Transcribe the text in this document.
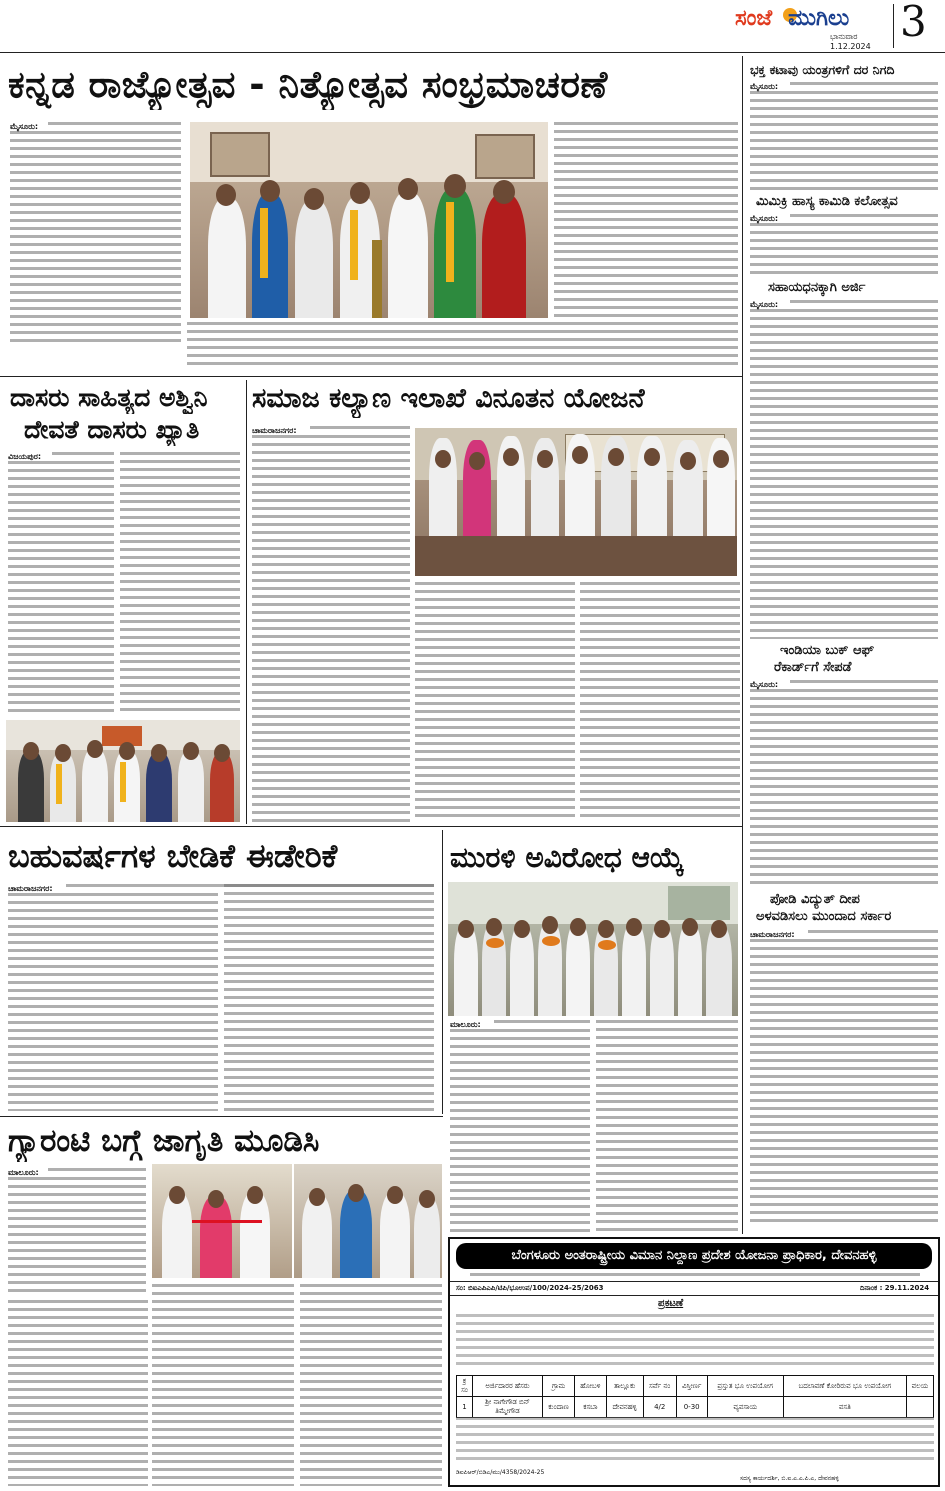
ಸಂಜೆ ಮುಗಿಲು
ಭಾನುವಾರ
1.12.2024
3
ಕನ್ನಡ ರಾಜ್ಯೋತ್ಸವ - ನಿತ್ಯೋತ್ಸವ ಸಂಭ್ರಮಾಚರಣೆ
ಮೈಸೂರು:
ದಾಸರು ಸಾಹಿತ್ಯದ ಅಶ್ವಿನಿ
ದೇವತೆ ದಾಸರು ಖ್ಯಾತಿ
ವಿಜಯಪುರ:
ಸಮಾಜ ಕಲ್ಯಾಣ ಇಲಾಖೆ ವಿನೂತನ ಯೋಜನೆ
ಚಾಮರಾಜನಗರ:
ಬಹುವರ್ಷಗಳ ಬೇಡಿಕೆ ಈಡೇರಿಕೆ
ಚಾಮರಾಜನಗರ:
ಮುರಳಿ ಅವಿರೋಧ ಆಯ್ಕೆ
ಮಾಲೂರು:
ಗ್ಯಾರಂಟಿ ಬಗ್ಗೆ ಜಾಗೃತಿ ಮೂಡಿಸಿ
ಮಾಲೂರು:
ಭಕ್ತ ಕಟಾವು ಯಂತ್ರಗಳಿಗೆ ದರ ನಿಗದಿ
ಮೈಸೂರು:
ಮಿಮಿಕ್ರಿ ಹಾಸ್ಯ ಕಾಮಿಡಿ ಕಲೋತ್ಸವ
ಮೈಸೂರು:
ಸಹಾಯಧನಕ್ಕಾಗಿ ಅರ್ಜಿ
ಮೈಸೂರು:
ಇಂಡಿಯಾ ಬುಕ್ ಆಫ್
ರೆಕಾರ್ಡ್‌ಗೆ ಸೇಪಡೆ
ಮೈಸೂರು:
ಪೋಡಿ ವಿದ್ಯುತ್ ದೀಪ
ಅಳವಡಿಸಲು ಮುಂದಾದ ಸರ್ಕಾರ
ಚಾಮರಾಜನಗರ:
ಬೆಂಗಳೂರು ಅಂತರಾಷ್ಟ್ರೀಯ ವಿಮಾನ ನಿಲ್ದಾಣ ಪ್ರದೇಶ ಯೋಜನಾ ಪ್ರಾಧಿಕಾರ, ದೇವನಹಳ್ಳಿ
ಸಂ: ಬಿಐಎಪಿಎಪಿ/ಟಿಪಿ/ಭೂಉಪ/100/2024-25/2063	ದಿನಾಂಕ : 29.11.2024
ಪ್ರಕಟಣೆ
ಕ್ರ ಸಂ	ಅರ್ಜಿದಾರರ ಹೆಸರು	ಗ್ರಾಮ	ಹೋಬಳಿ	ತಾಲ್ಲೂಕು	ಸರ್ವೆ ನಂ	ವಿಸ್ತೀರ್ಣ	ಪ್ರಸ್ತುತ ಭೂ ಉಪಯೋಗ	ಬದಲಾವಣೆ ಕೋರಿರುವ ಭೂ ಉಪಯೋಗ	ವಲಯ
1	ಶ್ರೀ ನಾಗೇಗೌಡ ಬಿನ್ ತಿಮ್ಮೇಗೌಡ	ಕುಂದಾಣ	ಕಸಬಾ	ದೇವನಹಳ್ಳಿ	4/2	0-30	ವ್ಯವಸಾಯ	ವಸತಿ	
ಡಿಐಪಿಆರ್/ಬಿಡಿಎ/ಮು/4358/2024-25
ಸದಸ್ಯ ಕಾರ್ಯದರ್ಶಿ, ಬಿ.ಐ.ಎ.ಎ.ಪಿ.ಎ, ದೇವನಹಳ್ಳಿ
